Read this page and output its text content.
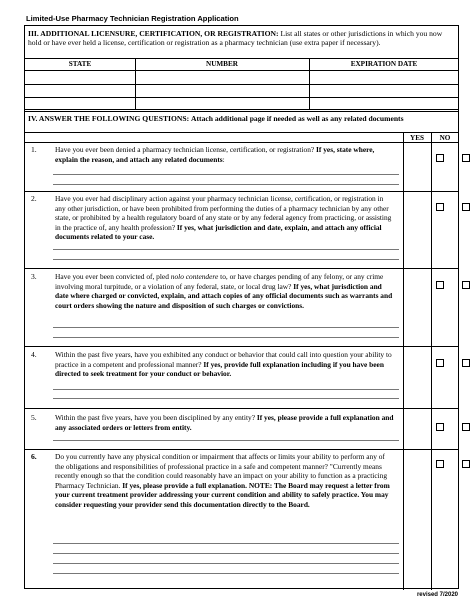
Limited-Use Pharmacy Technician Registration Application
III. ADDITIONAL LICENSURE, CERTIFICATION, OR REGISTRATION: List all states or other jurisdictions in which you now hold or have ever held a license, certification or registration as a pharmacy technician (use extra paper if necessary).
STATE	NUMBER	EXPIRATION DATE
IV. ANSWER THE FOLLOWING QUESTIONS: Attach additional page if needed as well as any related documents
YES	NO
1. Have you ever been denied a pharmacy technician license, certification, or registration? If yes, state where, explain the reason, and attach any related documents:
2. Have you ever had disciplinary action against your pharmacy technician license, certification, or registration in any other jurisdiction, or have been prohibited from performing the duties of a pharmacy technician by any other state, or prohibited by a health regulatory board of any state or by any federal agency from practicing, or assisting in the practice of, any health profession? If yes, what jurisdiction and date, explain, and attach any official documents related to your case.
3. Have you ever been convicted of, pled nolo contendere to, or have charges pending of any felony, or any crime involving moral turpitude, or a violation of any federal, state, or local drug law? If yes, what jurisdiction and date where charged or convicted, explain, and attach copies of any official documents such as warrants and court orders showing the nature and disposition of such charges or convictions.
4. Within the past five years, have you exhibited any conduct or behavior that could call into question your ability to practice in a competent and professional manner? If yes, provide full explanation including if you have been directed to seek treatment for your conduct or behavior.
5. Within the past five years, have you been disciplined by any entity? If yes, please provide a full explanation and any associated orders or letters from entity.
6. Do you currently have any physical condition or impairment that affects or limits your ability to perform any of the obligations and responsibilities of professional practice in a safe and competent manner? "Currently means recently enough so that the condition could reasonably have an impact on your ability to function as a practicing Pharmacy Technician. If yes, please provide a full explanation. NOTE: The Board may request a letter from your current treatment provider addressing your current condition and ability to safely practice. You may consider requesting your provider send this documentation directly to the Board.
revised 7/2020
